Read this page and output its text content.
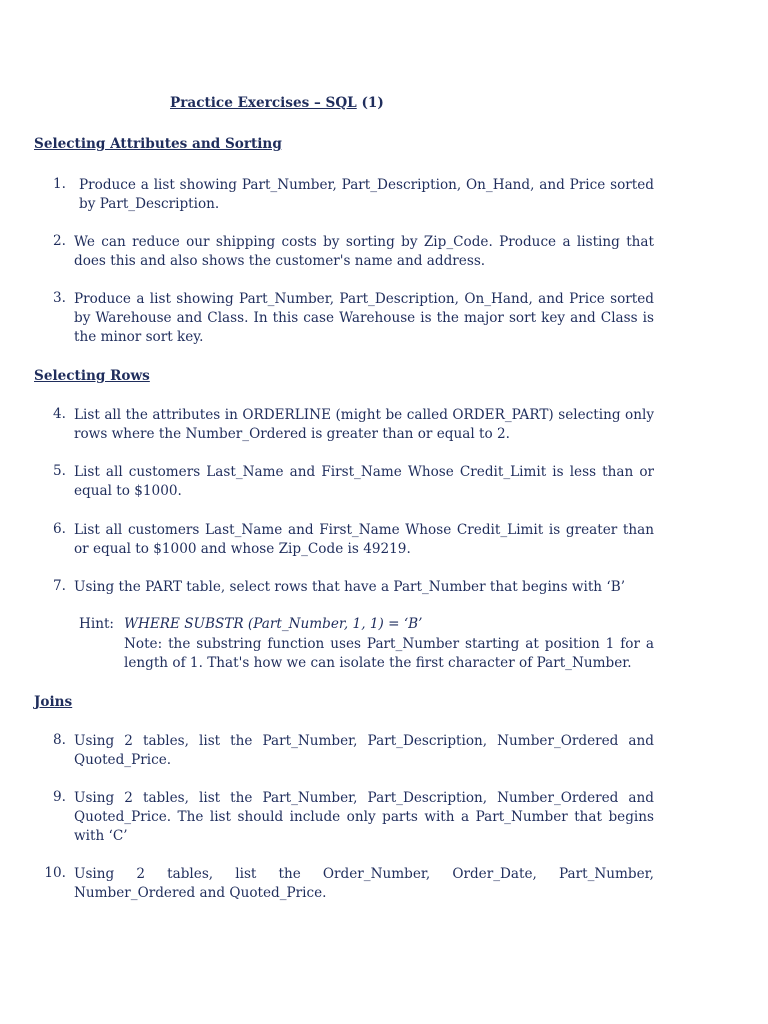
Practice Exercises – SQL (1)
Selecting Attributes and Sorting
1. Produce a list showing Part_Number, Part_Description, On_Hand, and Price sorted by Part_Description.

2. We can reduce our shipping costs by sorting by Zip_Code. Produce a listing that does this and also shows the customer's name and address.

3. Produce a list showing Part_Number, Part_Description, On_Hand, and Price sorted by Warehouse and Class. In this case Warehouse is the major sort key and Class is the minor sort key.

Selecting Rows
4. List all the attributes in ORDERLINE (might be called ORDER_PART) selecting only rows where the Number_Ordered is greater than or equal to 2.

5. List all customers Last_Name and First_Name Whose Credit_Limit is less than or equal to $1000.

6. List all customers Last_Name and First_Name Whose Credit_Limit is greater than or equal to $1000 and whose Zip_Code is 49219.

7. Using the PART table, select rows that have a Part_Number that begins with ‘B’

Hint: WHERE SUBSTR (Part_Number, 1, 1) = ‘B’

Note: the substring function uses Part_Number starting at position 1 for a length of 1. That's how we can isolate the first character of Part_Number.

Joins
8. Using 2 tables, list the Part_Number, Part_Description, Number_Ordered and Quoted_Price.

9. Using 2 tables, list the Part_Number, Part_Description, Number_Ordered and Quoted_Price. The list should include only parts with a Part_Number that begins with ‘C’

10. Using 2 tables, list the Order_Number, Order_Date, Part_Number, Number_Ordered and Quoted_Price.
